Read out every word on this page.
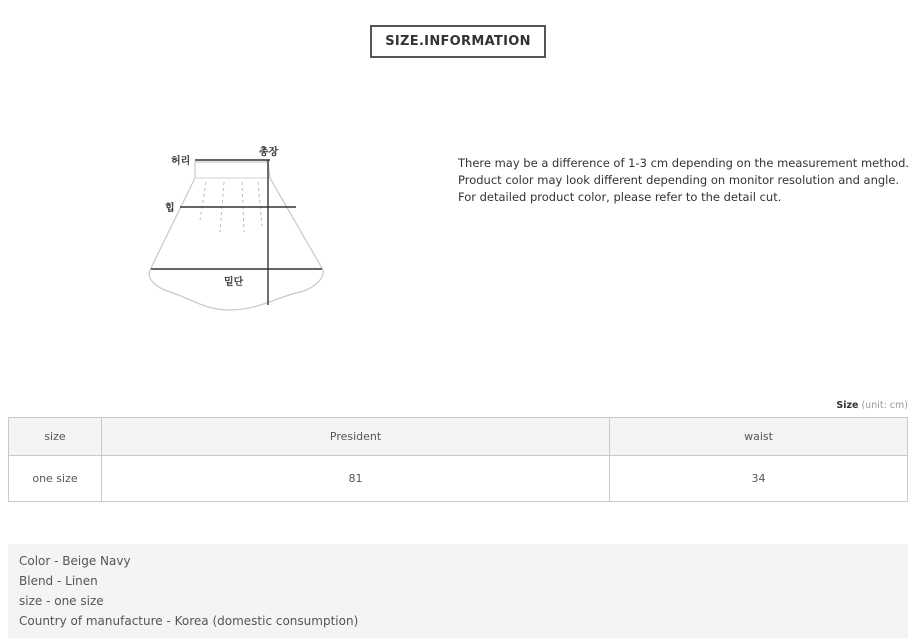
SIZE.INFORMATION
허리
총장
힙
밑단
There may be a difference of 1-3 cm depending on the measurement method.
Product color may look different depending on monitor resolution and angle.
For detailed product color, please refer to the detail cut.
Size (unit: cm)
size	President	waist
one size	81	34
Color - Beige Navy
Blend - Linen
size - one size
Country of manufacture - Korea (domestic consumption)
